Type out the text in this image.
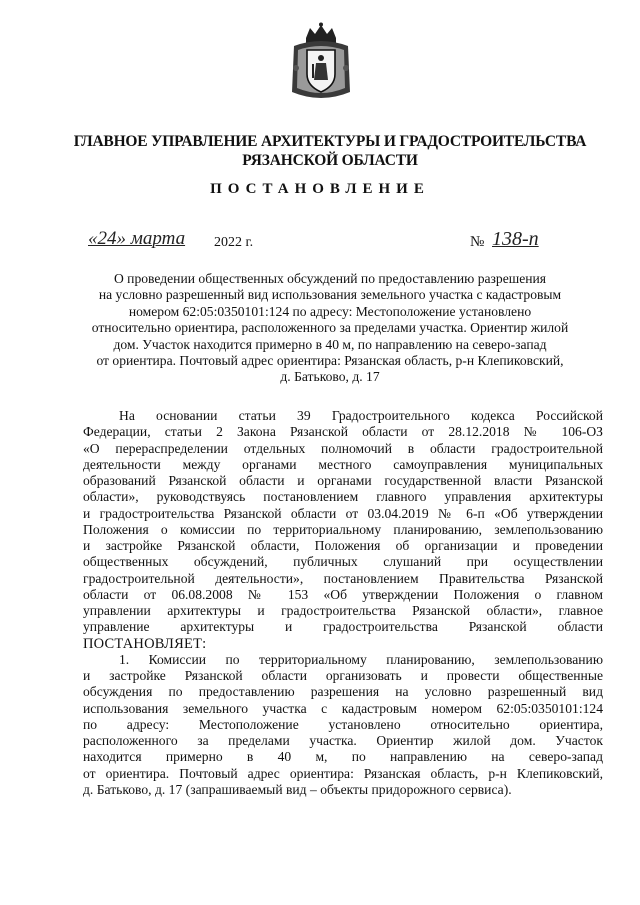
ГЛАВНОЕ УПРАВЛЕНИЕ АРХИТЕКТУРЫ И ГРАДОСТРОИТЕЛЬСТВА
РЯЗАНСКОЙ ОБЛАСТИ
ПОСТАНОВЛЕНИЕ
«24» марта 2022 г.	№ 138-п
О проведении общественных обсуждений по предоставлению разрешения
на условно разрешенный вид использования земельного участка с кадастровым
номером 62:05:0350101:124 по адресу: Местоположение установлено
относительно ориентира, расположенного за пределами участка. Ориентир жилой
дом. Участок находится примерно в 40 м, по направлению на северо-запад
от ориентира. Почтовый адрес ориентира: Рязанская область, р-н Клепиковский,
д. Батьково, д. 17

На основании статьи 39 Градостроительного кодекса Российской
Федерации, статьи 2 Закона Рязанской области от 28.12.2018 № 106-ОЗ
«О перераспределении отдельных полномочий в области градостроительной
деятельности между органами местного самоуправления муниципальных
образований Рязанской области и органами государственной власти Рязанской
области», руководствуясь постановлением главного управления архитектуры
и градостроительства Рязанской области от 03.04.2019 № 6-п «Об утверждении
Положения о комиссии по территориальному планированию, землепользованию
и застройке Рязанской области, Положения об организации и проведении
общественных обсуждений, публичных слушаний при осуществлении
градостроительной деятельности», постановлением Правительства Рязанской
области от 06.08.2008 № 153 «Об утверждении Положения о главном
управлении архитектуры и градостроительства Рязанской области», главное
управление архитектуры и градостроительства Рязанской области

ПОСТАНОВЛЯЕТ:

1. Комиссии по территориальному планированию, землепользованию
и застройке Рязанской области организовать и провести общественные
обсуждения по предоставлению разрешения на условно разрешенный вид
использования земельного участка с кадастровым номером 62:05:0350101:124
по адресу: Местоположение установлено относительно ориентира,
расположенного за пределами участка. Ориентир жилой дом. Участок
находится примерно в 40 м, по направлению на северо-запад
от ориентира. Почтовый адрес ориентира: Рязанская область, р-н Клепиковский,
д. Батьково, д. 17 (запрашиваемый вид – объекты придорожного сервиса).
